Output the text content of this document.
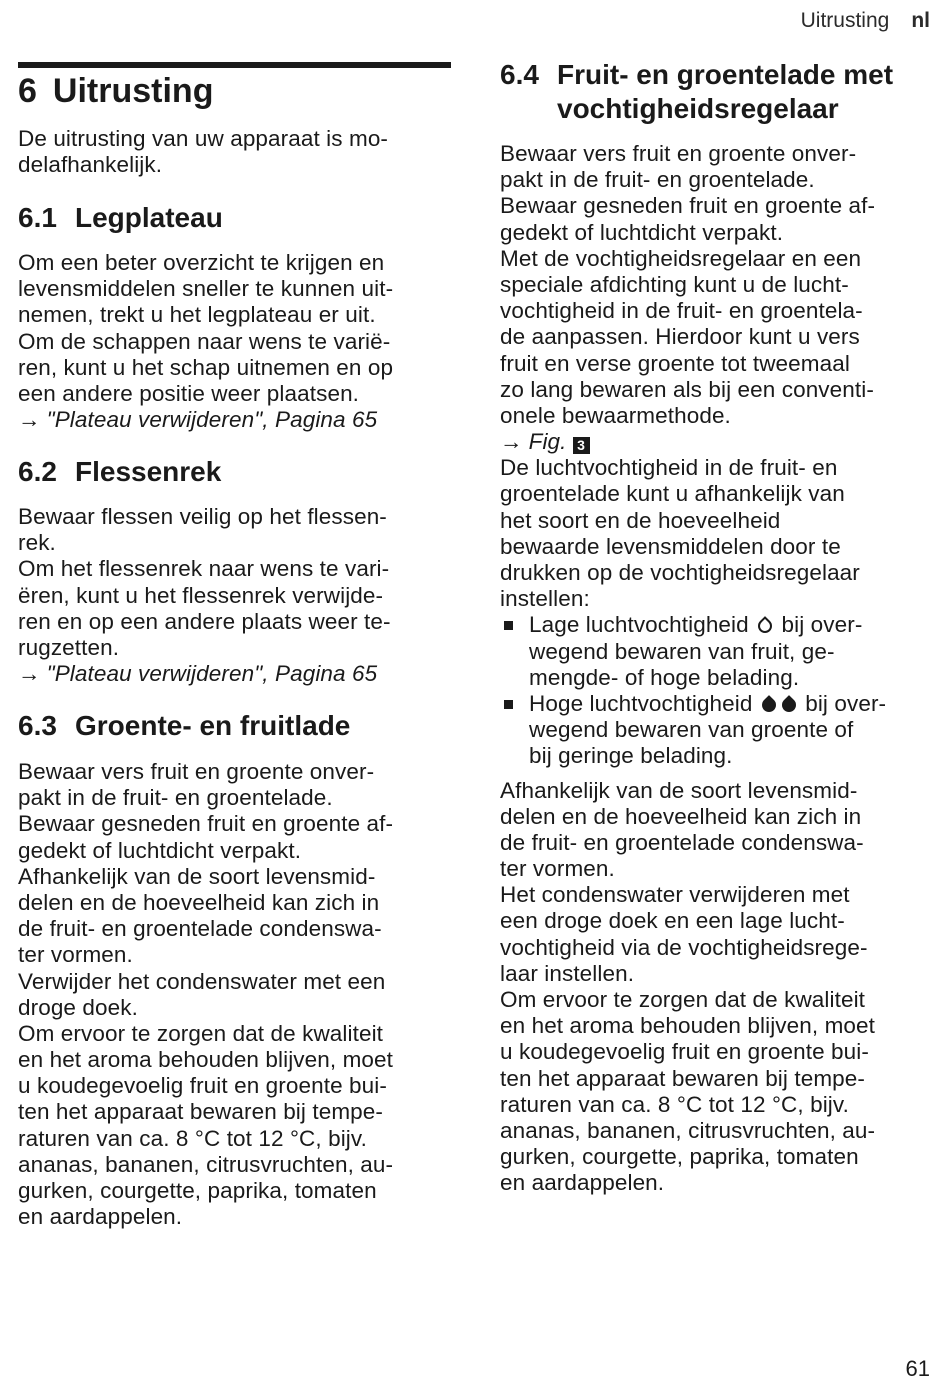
Uitrusting nl
6 Uitrusting
De uitrusting van uw apparaat is mo-
delafhankelijk.
6.1 Legplateau
Om een beter overzicht te krijgen en
levensmiddelen sneller te kunnen uit-
nemen, trekt u het legplateau er uit.
Om de schappen naar wens te varië-
ren, kunt u het schap uitnemen en op
een andere positie weer plaatsen.
→ "Plateau verwijderen", Pagina 65
6.2 Flessenrek
Bewaar flessen veilig op het flessen-
rek.
Om het flessenrek naar wens te vari-
ëren, kunt u het flessenrek verwijde-
ren en op een andere plaats weer te-
rugzetten.
→ "Plateau verwijderen", Pagina 65
6.3 Groente- en fruitlade
Bewaar vers fruit en groente onver-
pakt in de fruit- en groentelade.
Bewaar gesneden fruit en groente af-
gedekt of luchtdicht verpakt.
Afhankelijk van de soort levensmid-
delen en de hoeveelheid kan zich in
de fruit- en groentelade condenswa-
ter vormen.
Verwijder het condenswater met een
droge doek.
Om ervoor te zorgen dat de kwaliteit
en het aroma behouden blijven, moet
u koudegevoelig fruit en groente bui-
ten het apparaat bewaren bij tempe-
raturen van ca. 8 °C tot 12 °C, bijv.
ananas, bananen, citrusvruchten, au-
gurken, courgette, paprika, tomaten
en aardappelen.
6.4 Fruit- en groentelade met
vochtigheidsregelaar
Bewaar vers fruit en groente onver-
pakt in de fruit- en groentelade.
Bewaar gesneden fruit en groente af-
gedekt of luchtdicht verpakt.
Met de vochtigheidsregelaar en een
speciale afdichting kunt u de lucht-
vochtigheid in de fruit- en groentela-
de aanpassen. Hierdoor kunt u vers
fruit en verse groente tot tweemaal
zo lang bewaren als bij een conventi-
onele bewaarmethode.
→ Fig. 3
De luchtvochtigheid in de fruit- en
groentelade kunt u afhankelijk van
het soort en de hoeveelheid
bewaarde levensmiddelen door te
drukken op de vochtigheidsregelaar
instellen:
Lage luchtvochtigheid bij over-
wegend bewaren van fruit, ge-
mengde- of hoge belading.
Hoge luchtvochtigheid bij over-
wegend bewaren van groente of
bij geringe belading.
Afhankelijk van de soort levensmid-
delen en de hoeveelheid kan zich in
de fruit- en groentelade condenswa-
ter vormen.
Het condenswater verwijderen met
een droge doek en een lage lucht-
vochtigheid via de vochtigheidsrege-
laar instellen.
Om ervoor te zorgen dat de kwaliteit
en het aroma behouden blijven, moet
u koudegevoelig fruit en groente bui-
ten het apparaat bewaren bij tempe-
raturen van ca. 8 °C tot 12 °C, bijv.
ananas, bananen, citrusvruchten, au-
gurken, courgette, paprika, tomaten
en aardappelen.
61
